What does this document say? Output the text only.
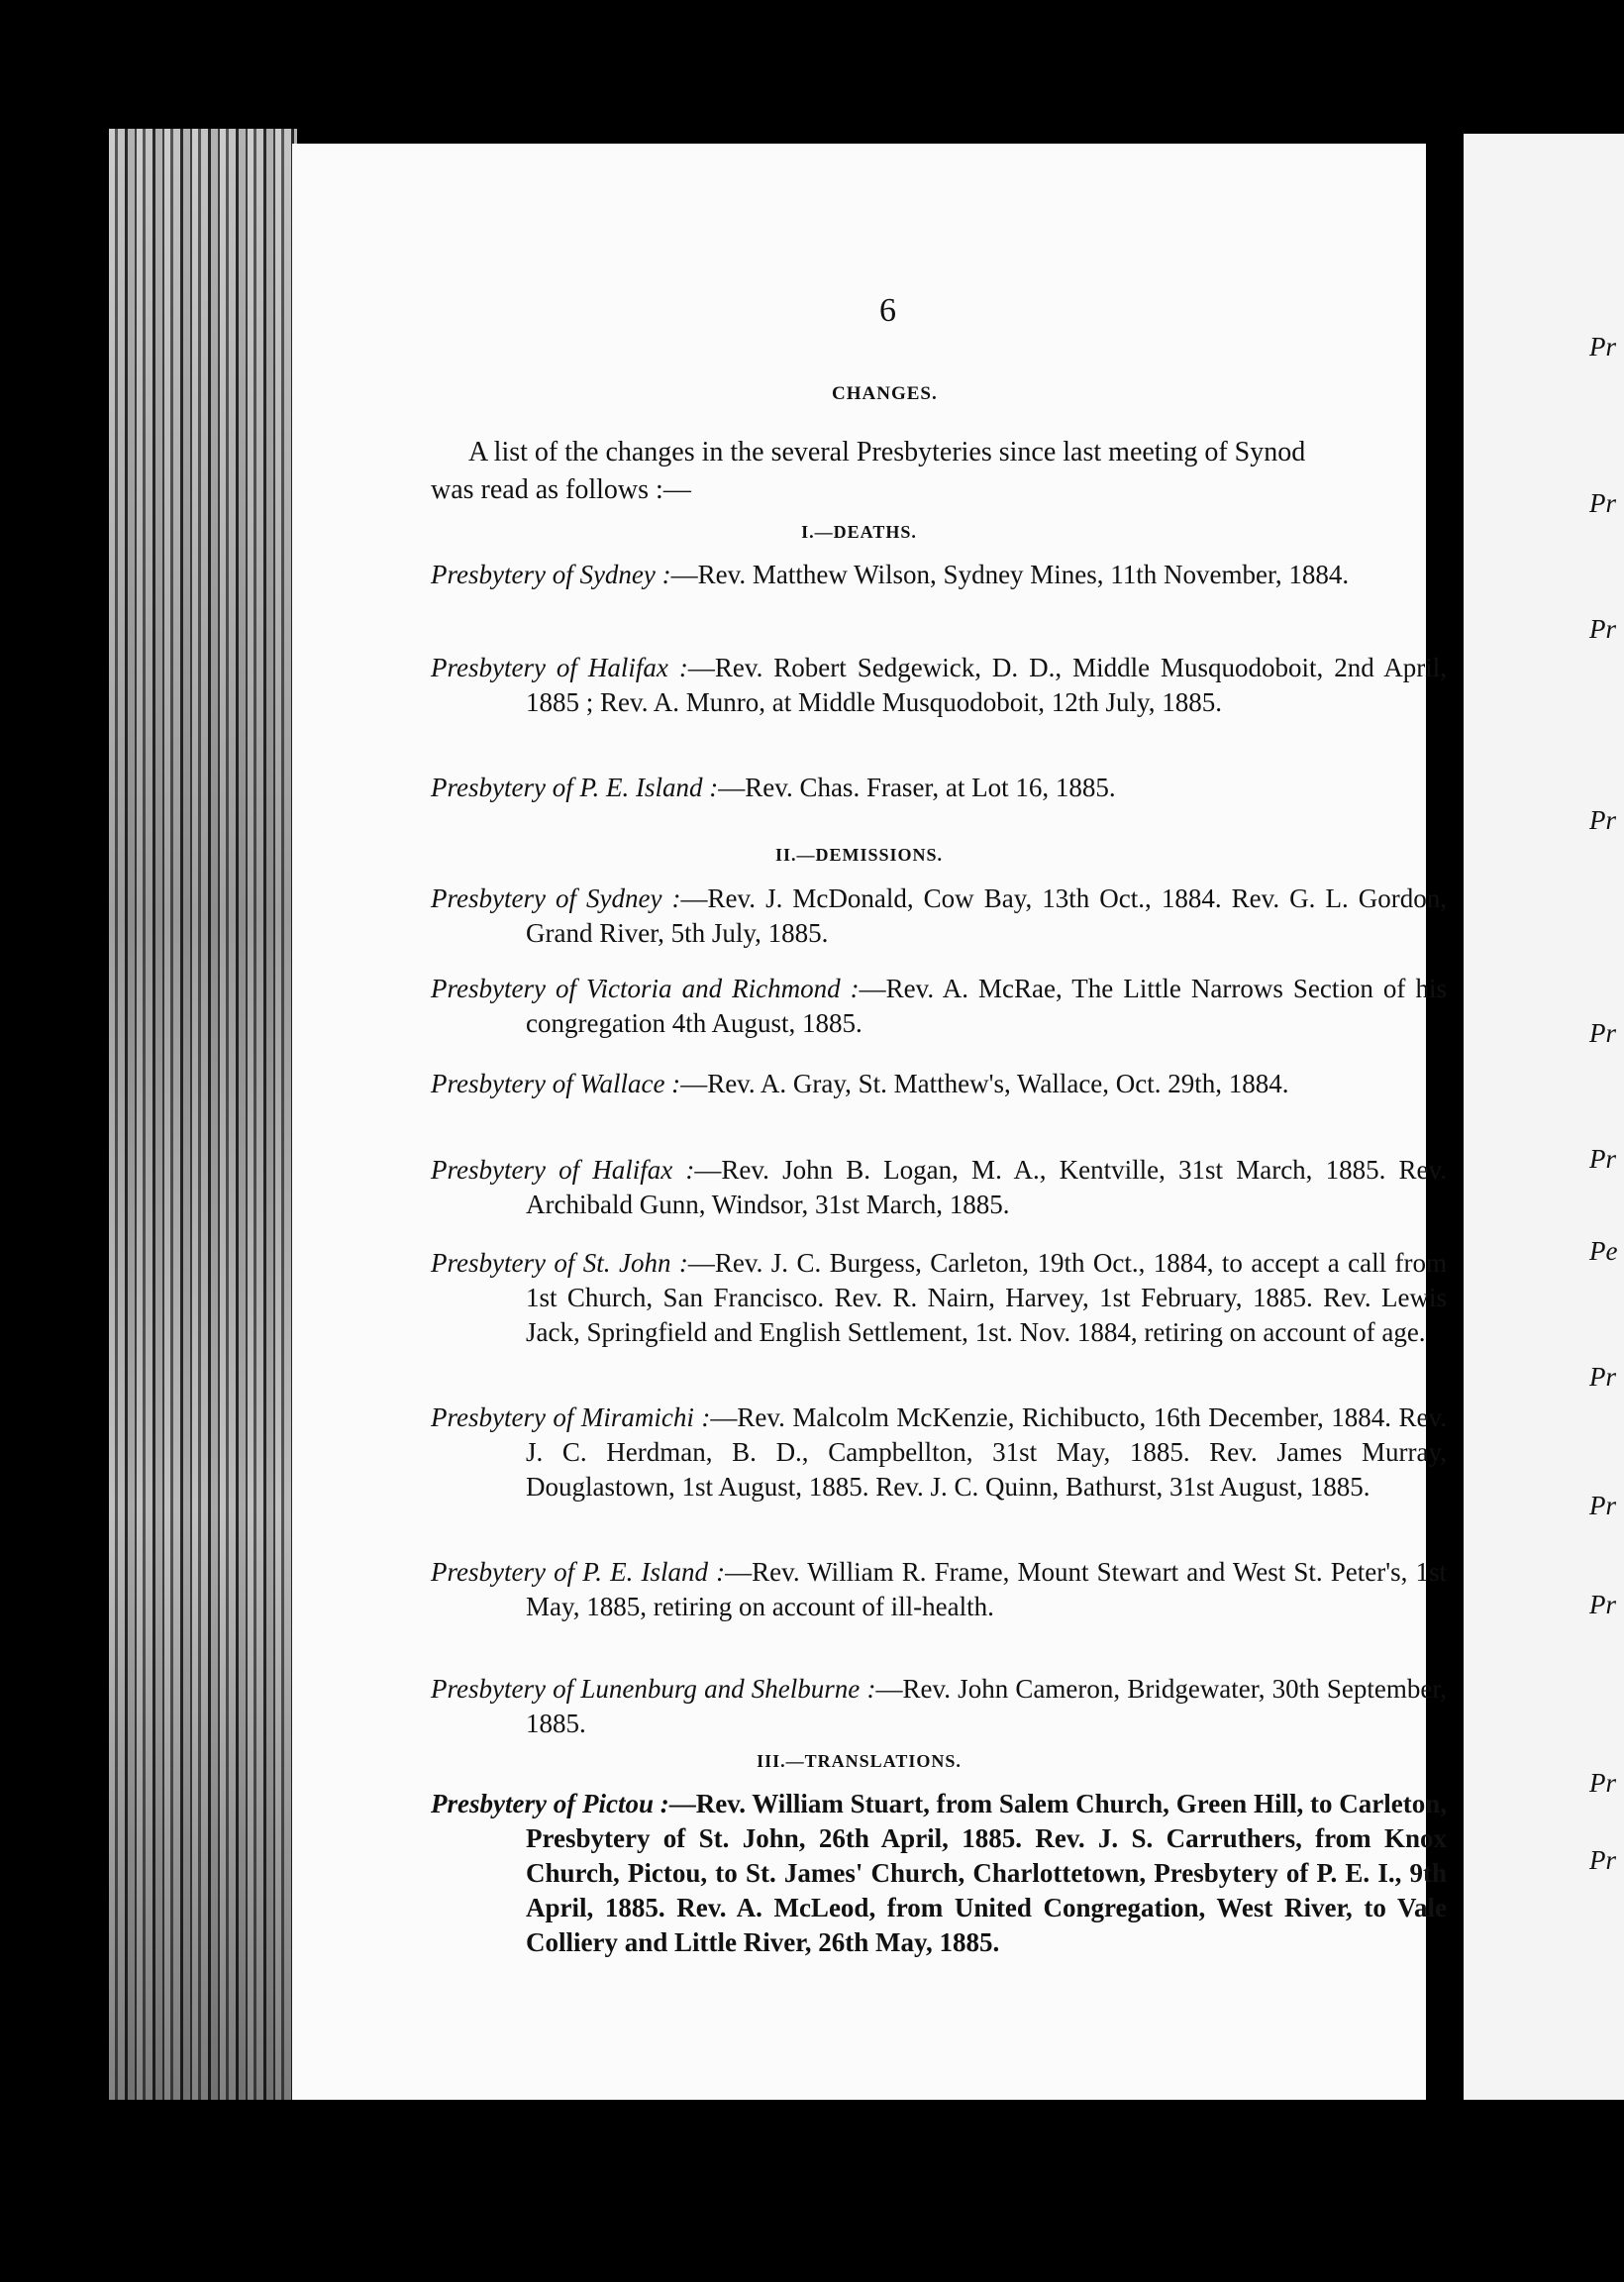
Pr
Pr
Pr
Pr
Pr
Pr
Pe
Pr
Pr
Pr
Pr
Pr
6
CHANGES.
A list of the changes in the several Presbyteries since last meeting of Synod was read as follows :—
I.—DEATHS.
Presbytery of Sydney :—Rev. Matthew Wilson, Sydney Mines, 11th November, 1884.
Presbytery of Halifax :—Rev. Robert Sedgewick, D. D., Middle Musquodoboit, 2nd April, 1885 ; Rev. A. Munro, at Middle Musquodoboit, 12th July, 1885.
Presbytery of P. E. Island :—Rev. Chas. Fraser, at Lot 16, 1885.
II.—DEMISSIONS.
Presbytery of Sydney :—Rev. J. McDonald, Cow Bay, 13th Oct., 1884. Rev. G. L. Gordon, Grand River, 5th July, 1885.
Presbytery of Victoria and Richmond :—Rev. A. McRae, The Little Narrows Section of his congregation 4th August, 1885.
Presbytery of Wallace :—Rev. A. Gray, St. Matthew's, Wallace, Oct. 29th, 1884.
Presbytery of Halifax :—Rev. John B. Logan, M. A., Kentville, 31st March, 1885. Rev. Archibald Gunn, Windsor, 31st March, 1885.
Presbytery of St. John :—Rev. J. C. Burgess, Carleton, 19th Oct., 1884, to accept a call from 1st Church, San Francisco. Rev. R. Nairn, Harvey, 1st February, 1885. Rev. Lewis Jack, Springfield and English Settlement, 1st. Nov. 1884, retiring on account of age.
Presbytery of Miramichi :—Rev. Malcolm McKenzie, Richibucto, 16th December, 1884. Rev. J. C. Herdman, B. D., Campbellton, 31st May, 1885. Rev. James Murray, Douglastown, 1st August, 1885. Rev. J. C. Quinn, Bathurst, 31st August, 1885.
Presbytery of P. E. Island :—Rev. William R. Frame, Mount Stewart and West St. Peter's, 1st May, 1885, retiring on account of ill-health.
Presbytery of Lunenburg and Shelburne :—Rev. John Cameron, Bridgewater, 30th September, 1885.
III.—TRANSLATIONS.
Presbytery of Pictou :—Rev. William Stuart, from Salem Church, Green Hill, to Carleton, Presbytery of St. John, 26th April, 1885. Rev. J. S. Carruthers, from Knox Church, Pictou, to St. James' Church, Charlottetown, Presbytery of P. E. I., 9th April, 1885. Rev. A. McLeod, from United Congregation, West River, to Vale Colliery and Little River, 26th May, 1885.
